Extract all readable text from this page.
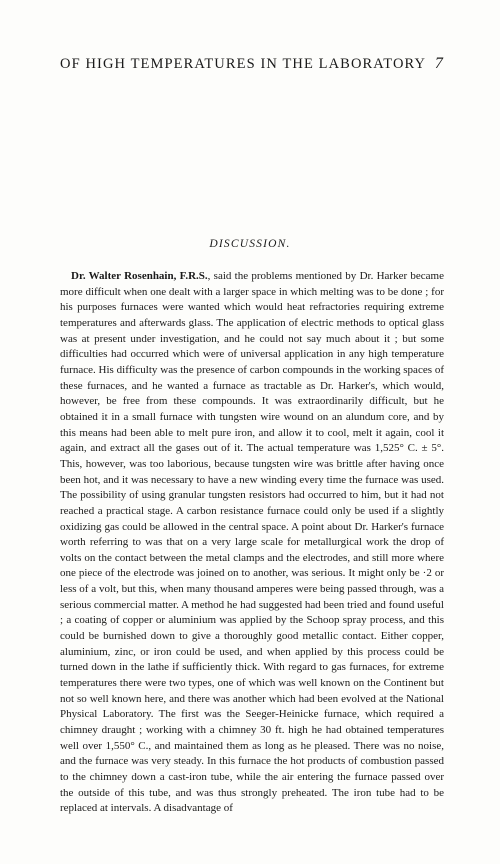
OF HIGH TEMPERATURES IN THE LABORATORY 7
DISCUSSION.

 Dr. Walter Rosenhain, F.R.S., said the problems mentioned by Dr. Harker became more difficult when one dealt with a larger space in which melting was to be done ; for his purposes furnaces were wanted which would heat refractories requiring extreme temperatures and afterwards glass. The application of electric methods to optical glass was at present under investigation, and he could not say much about it ; but some difficulties had occurred which were of universal application in any high temperature furnace. His difficulty was the presence of carbon compounds in the working spaces of these furnaces, and he wanted a furnace as tractable as Dr. Harker's, which would, however, be free from these compounds. It was extraordinarily difficult, but he obtained it in a small furnace with tungsten wire wound on an alundum core, and by this means had been able to melt pure iron, and allow it to cool, melt it again, cool it again, and extract all the gases out of it. The actual temperature was 1,525° C. ± 5°. This, however, was too laborious, because tungsten wire was brittle after having once been hot, and it was necessary to have a new winding every time the furnace was used. The possibility of using granular tungsten resistors had occurred to him, but it had not reached a practical stage. A carbon resistance furnace could only be used if a slightly oxidizing gas could be allowed in the central space. A point about Dr. Harker's furnace worth referring to was that on a very large scale for metallurgical work the drop of volts on the contact between the metal clamps and the electrodes, and still more where one piece of the electrode was joined on to another, was serious. It might only be ·2 or less of a volt, but this, when many thousand amperes were being passed through, was a serious commercial matter. A method he had suggested had been tried and found useful ; a coating of copper or aluminium was applied by the Schoop spray process, and this could be burnished down to give a thoroughly good metallic contact. Either copper, aluminium, zinc, or iron could be used, and when applied by this process could be turned down in the lathe if sufficiently thick. With regard to gas furnaces, for extreme temperatures there were two types, one of which was well known on the Continent but not so well known here, and there was another which had been evolved at the National Physical Laboratory. The first was the Seeger-Heinicke furnace, which required a chimney draught ; working with a chimney 30 ft. high he had obtained temperatures well over 1,550° C., and maintained them as long as he pleased. There was no noise, and the furnace was very steady. In this furnace the hot products of combustion passed to the chimney down a cast-iron tube, while the air entering the furnace passed over the outside of this tube, and was thus strongly preheated. The iron tube had to be replaced at intervals. A disadvantage of
